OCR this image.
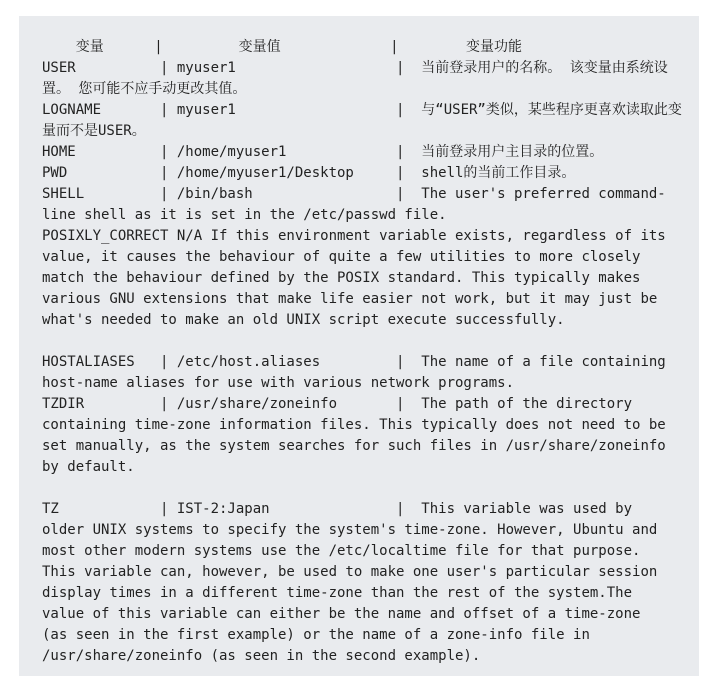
变量      |         变量值             |        变量功能
USER          | myuser1                   |  当前登录用户的名称。 该变量由系统设
置。 您可能不应手动更改其值。
LOGNAME       | myuser1                   |  与“USER”类似，某些程序更喜欢读取此变
量而不是USER。
HOME          | /home/myuser1             |  当前登录用户主目录的位置。
PWD           | /home/myuser1/Desktop     |  shell的当前工作目录。
SHELL         | /bin/bash                 |  The user's preferred command-
line shell as it is set in the /etc/passwd file.
POSIXLY_CORRECT N/A If this environment variable exists, regardless of its
value, it causes the behaviour of quite a few utilities to more closely
match the behaviour defined by the POSIX standard. This typically makes
various GNU extensions that make life easier not work, but it may just be
what's needed to make an old UNIX script execute successfully.
HOSTALIASES   | /etc/host.aliases         |  The name of a file containing
host-name aliases for use with various network programs.
TZDIR         | /usr/share/zoneinfo       |  The path of the directory
containing time-zone information files. This typically does not need to be
set manually, as the system searches for such files in /usr/share/zoneinfo
by default.
TZ            | IST-2:Japan               |  This variable was used by
older UNIX systems to specify the system's time-zone. However, Ubuntu and
most other modern systems use the /etc/localtime file for that purpose.
This variable can, however, be used to make one user's particular session
display times in a different time-zone than the rest of the system.The
value of this variable can either be the name and offset of a time-zone
(as seen in the first example) or the name of a zone-info file in
/usr/share/zoneinfo (as seen in the second example).
